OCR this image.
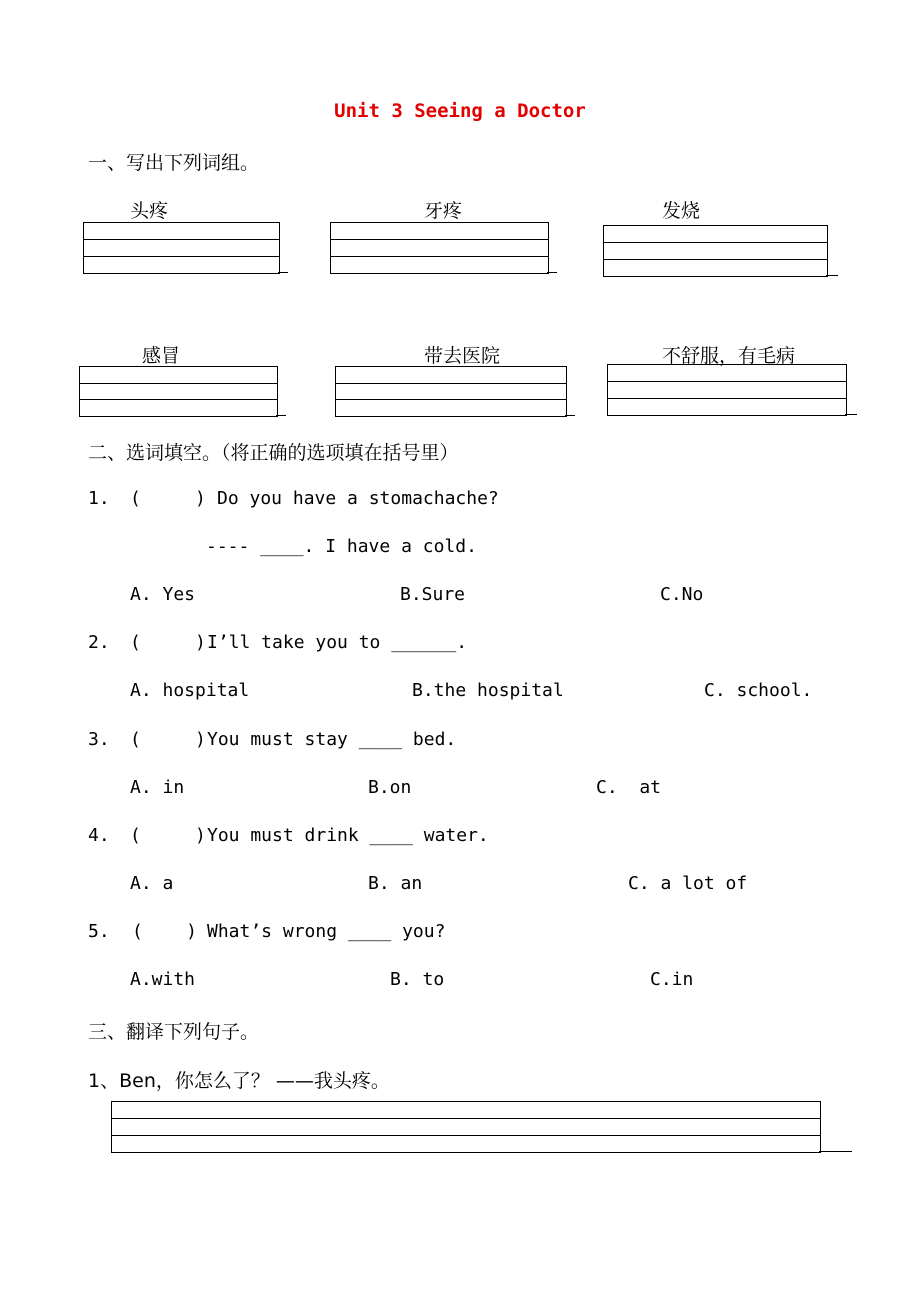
Unit 3 Seeing a Doctor
一、写出下列词组。
头疼	牙疼	发烧
感冒	带去医院	不舒服，有毛病
二、选词填空。（将正确的选项填在括号里）
1. (     ) Do you have a stomachache?
---- ____. I have a cold.
A. Yes	B.Sure	C.No
2. (     ) I’ll take you to ______.
A. hospital	B.the hospital	C. school.
3. (     ) You must stay ____ bed.
A. in	B.on	C.  at
4. (     ) You must drink ____ water.
A. a	B. an	C. a lot of
5. (    ) What’s wrong ____ you?
A.with	B. to	C.in
三、翻译下列句子。
1、Ben，你怎么了？ ——我头疼。
